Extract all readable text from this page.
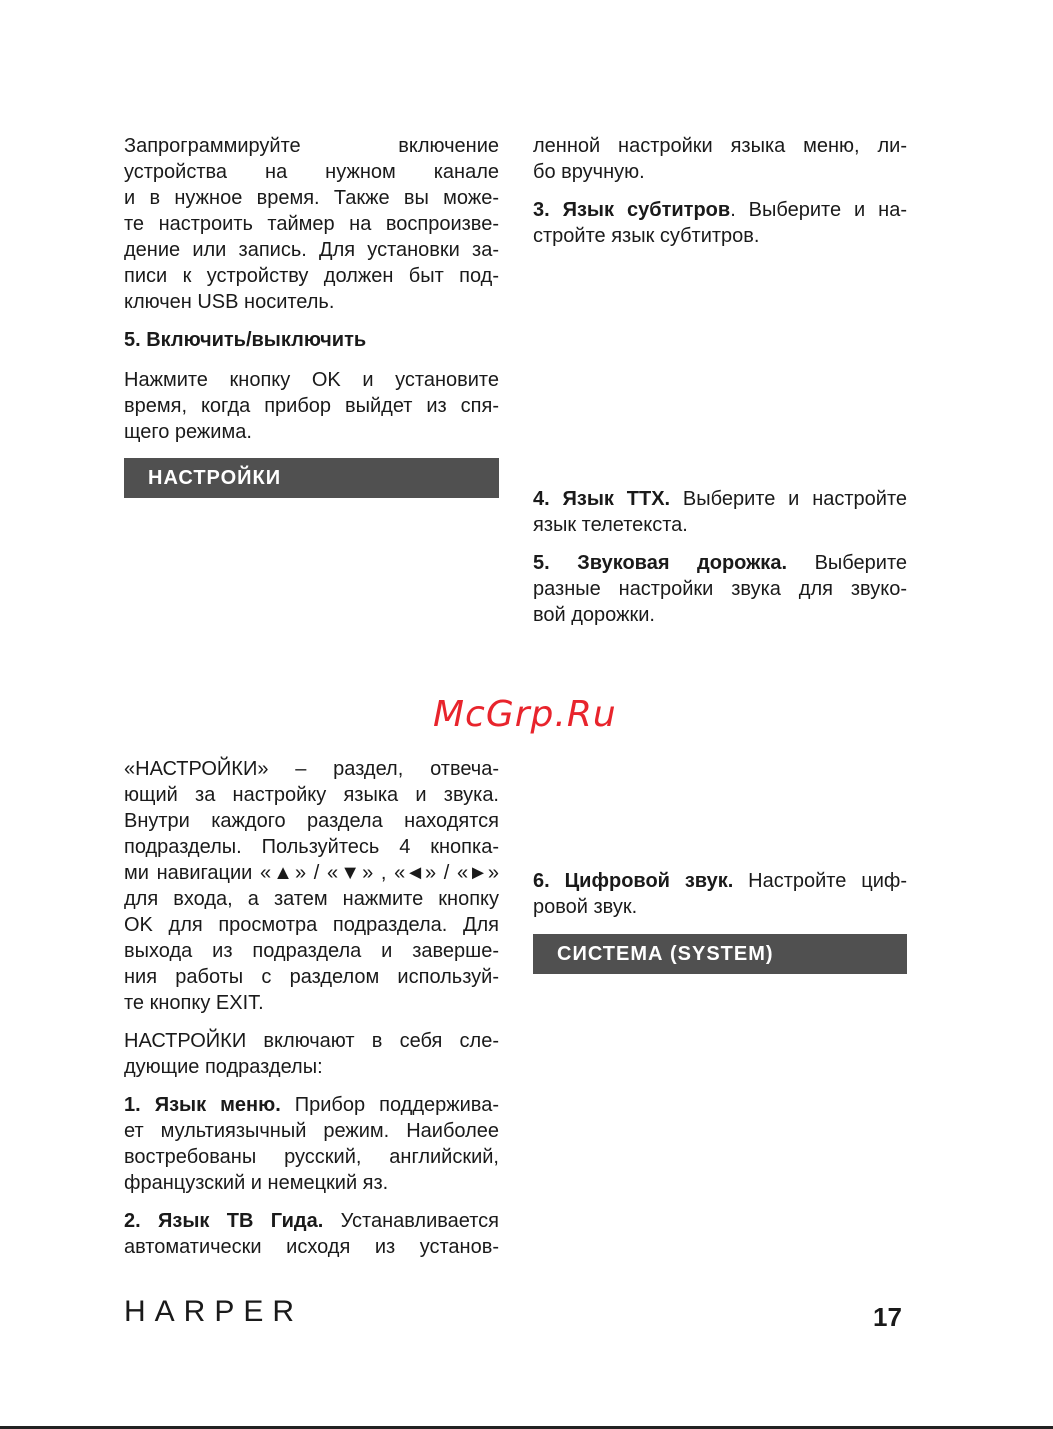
Запрограммируйте включение

устройства на нужном канале

и в нужное время. Также вы може-

те настроить таймер на воспроизве-

дение или запись. Для установки за-

писи к устройству должен быт под-

ключен USB носитель.

5. Включить/выключить

Нажмите кнопку OK и установите

время, когда прибор выйдет из спя-

щего режима.

НАСТРОЙКИ

«НАСТРОЙКИ» – раздел, отвеча-

ющий за настройку языка и звука.

Внутри каждого раздела находятся

подразделы. Пользуйтесь 4 кнопка-

ми навигации «▲» / «▼» , «◄» / «►»

для входа, а затем нажмите кнопку

OK для просмотра подраздела. Для

выхода из подраздела и заверше-

ния работы с разделом используй-

те кнопку EXIT.

НАСТРОЙКИ включают в себя сле-

дующие подразделы:

1. Язык меню. Прибор поддержива-

ет мультиязычный режим. Наиболее

востребованы русский, английский,

французский и немецкий яз.

2. Язык ТВ Гида. Устанавливается

автоматически исходя из установ-

ленной настройки языка меню, ли-

бо вручную.

3. Язык субтитров. Выберите и на-

стройте язык субтитров.

4. Язык ТТХ. Выберите и настройте

язык телетекста.

5. Звуковая дорожка. Выберите

разные настройки звука для звуко-

вой дорожки.

McGrp.Ru

6. Цифровой звук. Настройте циф-

ровой звук.

СИСТЕМА (SYSTEM)
HARPER	17
